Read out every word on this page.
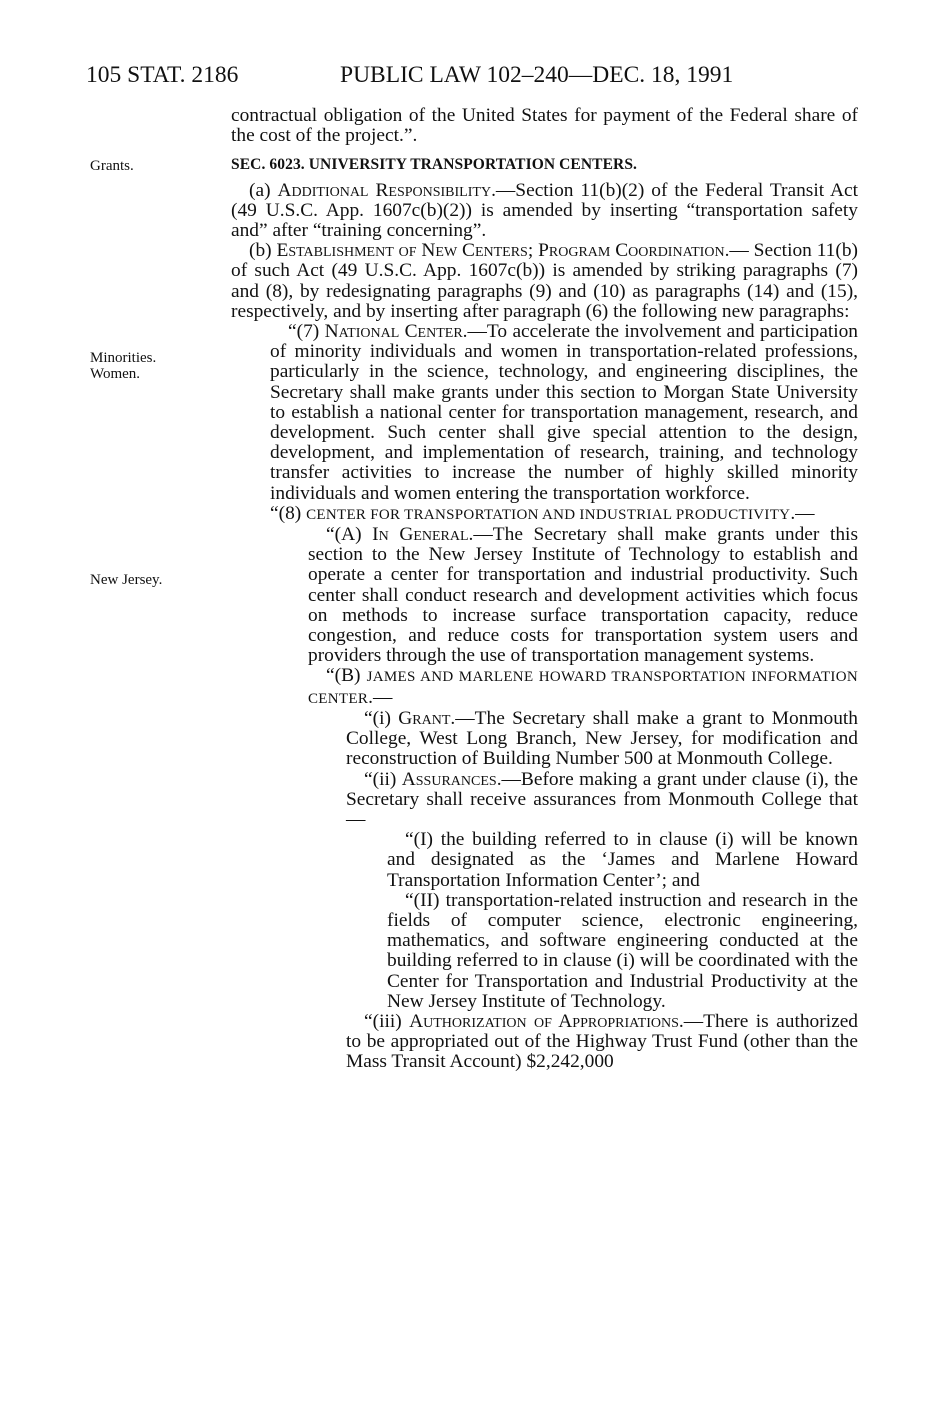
105 STAT. 2186	PUBLIC LAW 102–240—DEC. 18, 1991
Grants.
Minorities.
Women.
New Jersey.

contractual obligation of the United States for payment of the Federal share of the cost of the project.”.

SEC. 6023. UNIVERSITY TRANSPORTATION CENTERS.

(a) Additional Responsibility.—Section 11(b)(2) of the Federal Transit Act (49 U.S.C. App. 1607c(b)(2)) is amended by inserting “transportation safety and” after “training concerning”.

(b) Establishment of New Centers; Program Coordination.— Section 11(b) of such Act (49 U.S.C. App. 1607c(b)) is amended by striking paragraphs (7) and (8), by redesignating paragraphs (9) and (10) as paragraphs (14) and (15), respectively, and by inserting after paragraph (6) the following new paragraphs:

“(7) National Center.—To accelerate the involvement and participation of minority individuals and women in transportation-related professions, particularly in the science, technology, and engineering disciplines, the Secretary shall make grants under this section to Morgan State University to establish a national center for transportation management, research, and development. Such center shall give special attention to the design, development, and implementation of research, training, and technology transfer activities to increase the number of highly skilled minority individuals and women entering the transportation workforce.

“(8) CENTER FOR TRANSPORTATION AND INDUSTRIAL PRODUCTIVITY.—

“(A) In General.—The Secretary shall make grants under this section to the New Jersey Institute of Technology to establish and operate a center for transportation and industrial productivity. Such center shall conduct research and development activities which focus on methods to increase surface transportation capacity, reduce congestion, and reduce costs for transportation system users and providers through the use of transportation management systems.

“(B) JAMES AND MARLENE HOWARD TRANSPORTATION INFORMATION CENTER.—

“(i) Grant.—The Secretary shall make a grant to Monmouth College, West Long Branch, New Jersey, for modification and reconstruction of Building Number 500 at Monmouth College.

“(ii) Assurances.—Before making a grant under clause (i), the Secretary shall receive assurances from Monmouth College that—

“(I) the building referred to in clause (i) will be known and designated as the ‘James and Marlene Howard Transportation Information Center’; and

“(II) transportation-related instruction and research in the fields of computer science, electronic engineering, mathematics, and software engineering conducted at the building referred to in clause (i) will be coordinated with the Center for Transportation and Industrial Productivity at the New Jersey Institute of Technology.

“(iii) Authorization of Appropriations.—There is authorized to be appropriated out of the Highway Trust Fund (other than the Mass Transit Account) $2,242,000
